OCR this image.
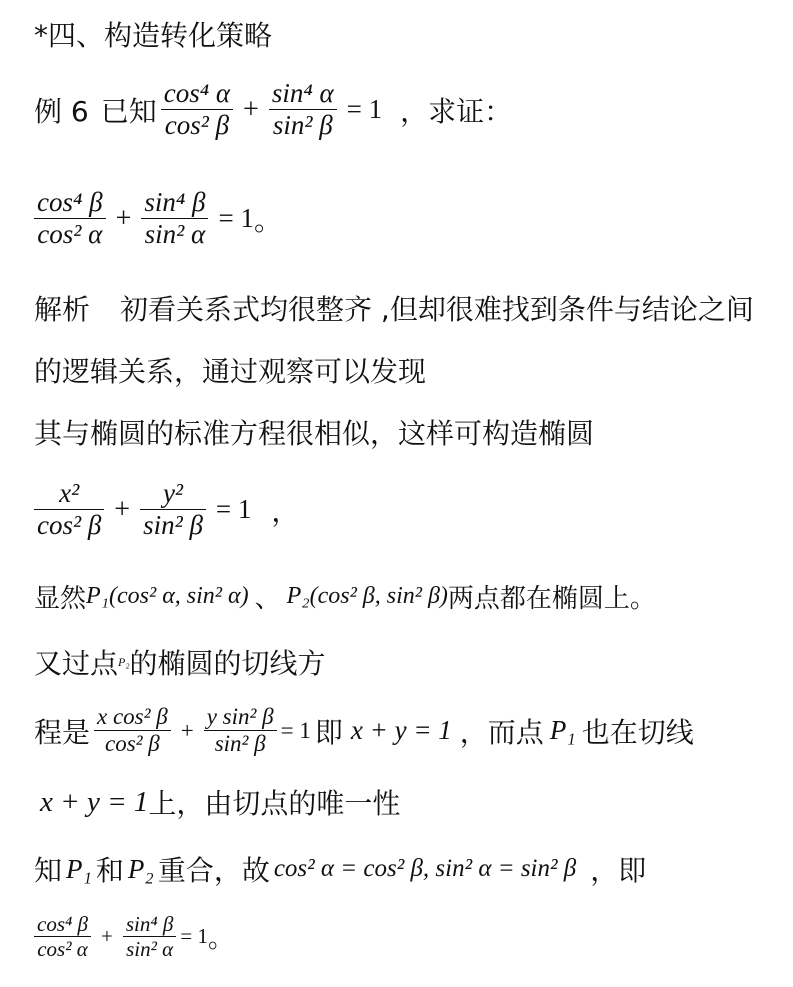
*四、构造转化策略
例 6 已知 $\frac{\text{cos⁴ α}}{\text{cos² β}} + \frac{\text{sin⁴ α}}{\text{sin² β}} = 1$ ，求证：
$\frac{\text{cos⁴ β}}{\text{cos² α}} + \frac{\text{sin⁴ β}}{\text{sin² α}} = 1$ 。
解析 初看关系式均很整齐 ,但却很难找到条件与结论之间
的逻辑关系，通过观察可以发现
其与椭圆的标准方程很相似，这样可构造椭圆
$\frac{\text{x²}}{\text{cos² β}} + \frac{\text{y²}}{\text{sin² β}} = 1$ ，
显然 P₁(cos² α, sin² α) 、 P₂(cos² β, sin² β) 两点都在椭圆上。
又过点 P₂ 的椭圆的切线方
程是 $\frac{\text{x cos² β}}{\text{cos² β}} + \frac{\text{y sin² β}}{\text{sin² β}} = 1$ 即 x + y = 1 ，而点 P₁ 也在切线
x + y = 1 上，由切点的唯一性
知 P₁ 和 P₂ 重合，故 cos² α = cos² β, sin² α = sin² β ，即
$\frac{\text{cos⁴ β}}{\text{cos² α}} + \frac{\text{sin⁴ β}}{\text{sin² α}} = 1$ 。
